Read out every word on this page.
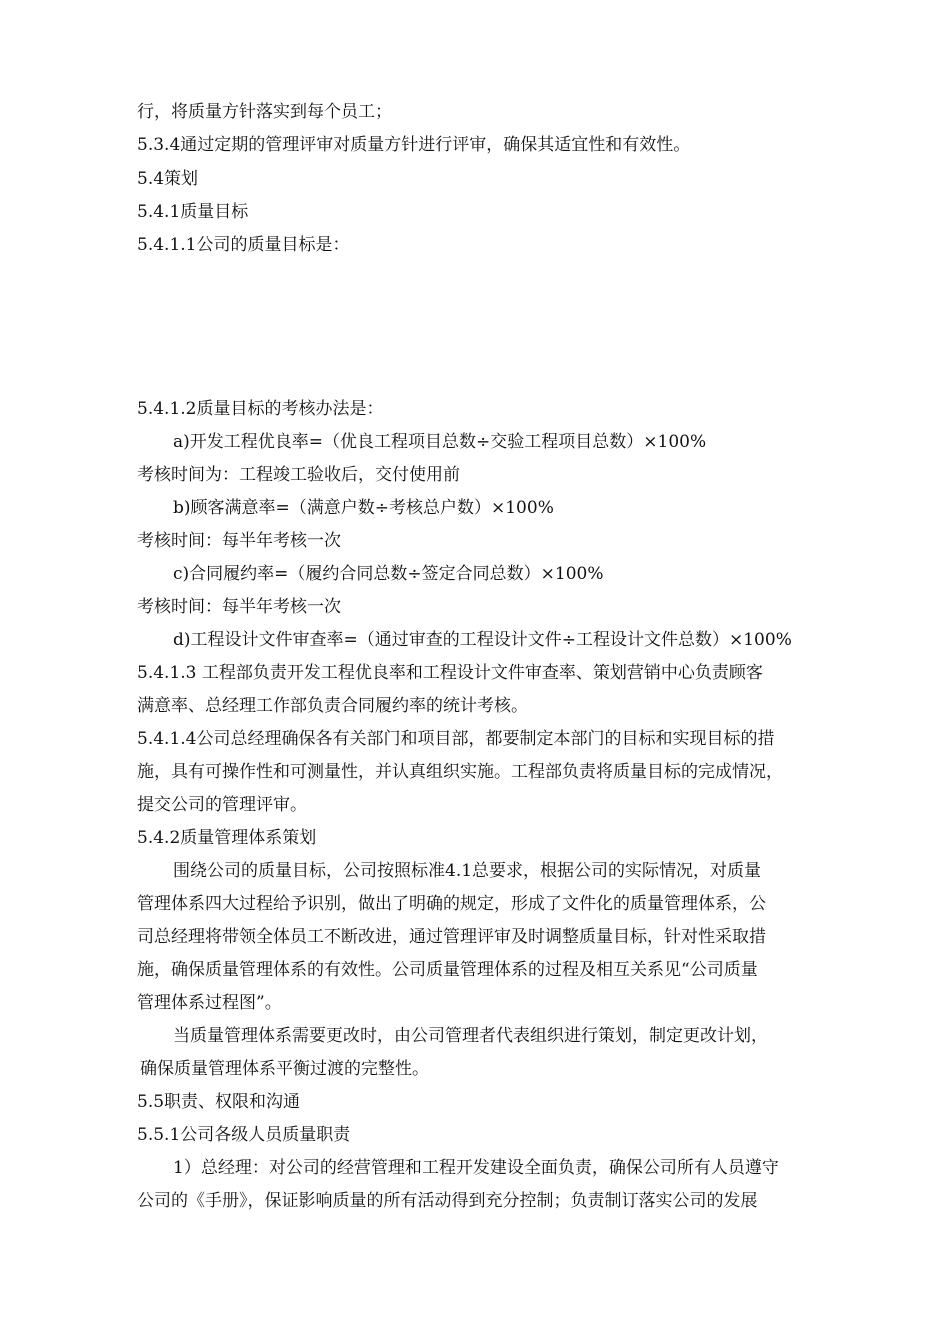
行，将质量方针落实到每个员工；
5.3.4通过定期的管理评审对质量方针进行评审，确保其适宜性和有效性。
5.4策划
5.4.1质量目标
5.4.1.1公司的质量目标是：
5.4.1.2质量目标的考核办法是：
a)开发工程优良率=（优良工程项目总数÷交验工程项目总数）×100%
考核时间为：工程竣工验收后，交付使用前
b)顾客满意率=（满意户数÷考核总户数）×100%
考核时间：每半年考核一次
c)合同履约率=（履约合同总数÷签定合同总数）×100%
考核时间：每半年考核一次
d)工程设计文件审查率=（通过审查的工程设计文件÷工程设计文件总数）×100%
5.4.1.3 工程部负责开发工程优良率和工程设计文件审查率、策划营销中心负责顾客
满意率、总经理工作部负责合同履约率的统计考核。
5.4.1.4公司总经理确保各有关部门和项目部，都要制定本部门的目标和实现目标的措
施，具有可操作性和可测量性，并认真组织实施。工程部负责将质量目标的完成情况，
提交公司的管理评审。
5.4.2质量管理体系策划
围绕公司的质量目标，公司按照标准4.1总要求，根据公司的实际情况，对质量
管理体系四大过程给予识别，做出了明确的规定，形成了文件化的质量管理体系，公
司总经理将带领全体员工不断改进，通过管理评审及时调整质量目标，针对性采取措
施，确保质量管理体系的有效性。公司质量管理体系的过程及相互关系见“公司质量
管理体系过程图”。
当质量管理体系需要更改时，由公司管理者代表组织进行策划，制定更改计划，
确保质量管理体系平衡过渡的完整性。
5.5职责、权限和沟通
5.5.1公司各级人员质量职责
1）总经理：对公司的经营管理和工程开发建设全面负责，确保公司所有人员遵守
公司的《手册》，保证影响质量的所有活动得到充分控制；负责制订落实公司的发展
